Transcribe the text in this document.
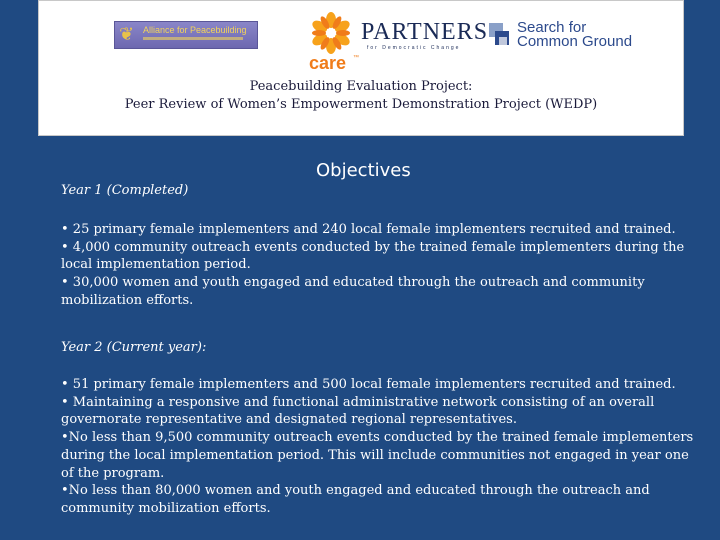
❦ Alliance for Peacebuilding
care ™
PARTNERS
for Democratic Change
Search for
Common Ground
Peacebuilding Evaluation Project:
Peer Review of Women’s Empowerment Demonstration Project (WEDP)
Objectives
Year 1 (Completed)

• 25 primary female implementers and 240 local female implementers recruited and trained.

• 4,000 community outreach events conducted by the trained female implementers during the local implementation period.

• 30,000 women and youth engaged and educated through the outreach and community mobilization efforts.

Year 2 (Current year):

• 51 primary female implementers and 500 local female implementers recruited and trained.

• Maintaining a responsive and functional administrative network consisting of an overall governorate representative and designated regional representatives.

•No less than 9,500 community outreach events conducted by the trained female implementers during the local implementation period. This will include communities not engaged in year one of the program.

•No less than 80,000 women and youth engaged and educated through the outreach and community mobilization efforts.
